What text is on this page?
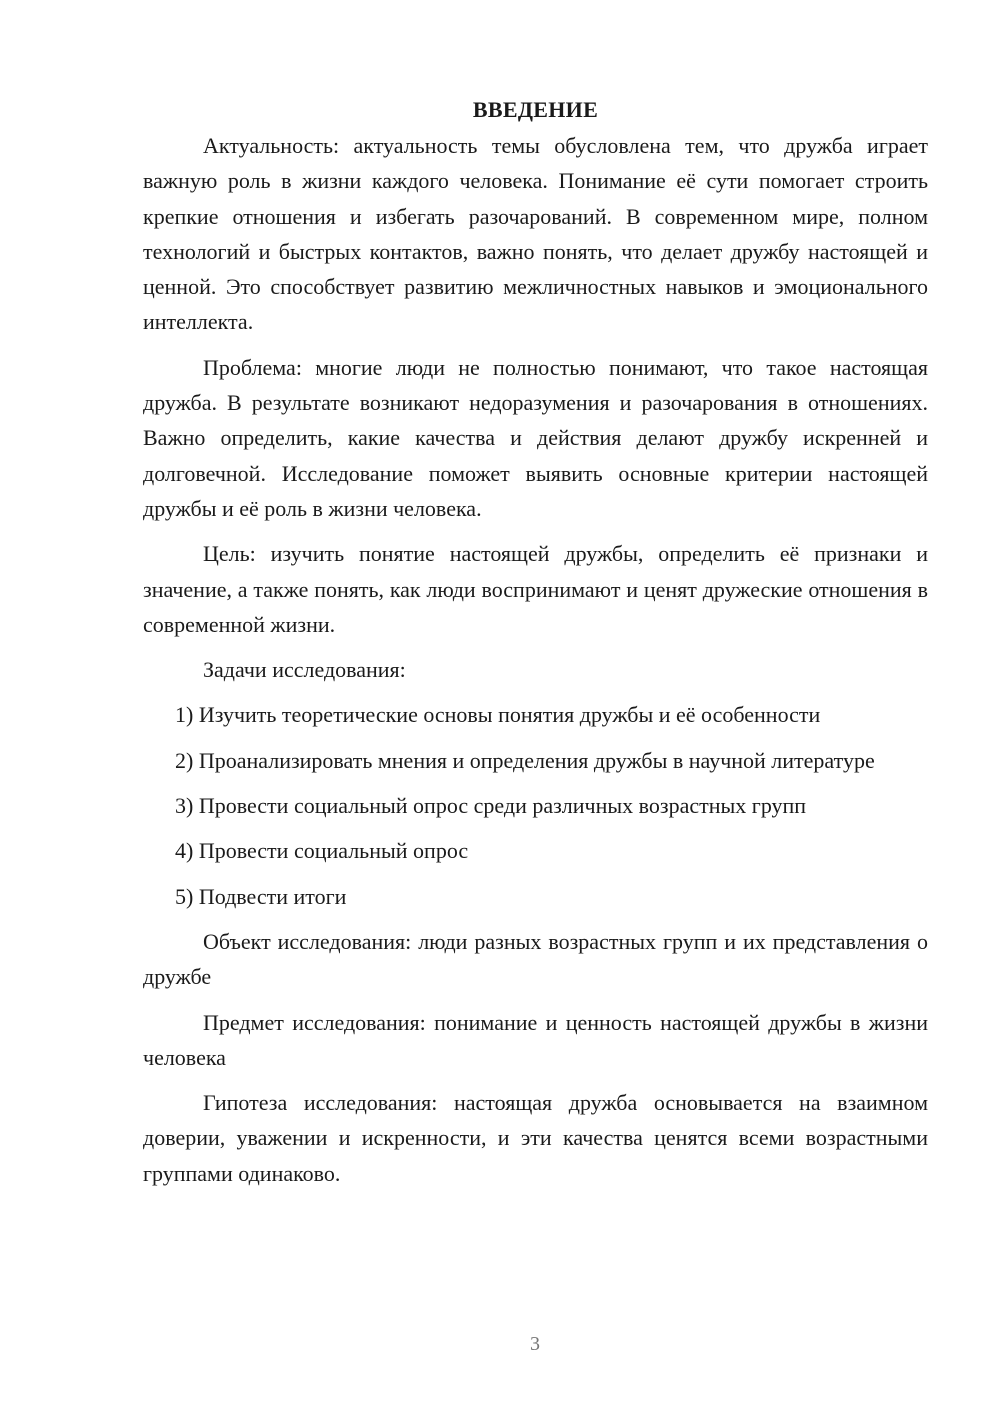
ВВЕДЕНИЕ

Актуальность: актуальность темы обусловлена тем, что дружба играет важную роль в жизни каждого человека. Понимание её сути помогает строить крепкие отношения и избегать разочарований. В современном мире, полном технологий и быстрых контактов, важно понять, что делает дружбу настоящей и ценной. Это способствует развитию межличностных навыков и эмоционального интеллекта.

Проблема: многие люди не полностью понимают, что такое настоящая дружба. В результате возникают недоразумения и разочарования в отношениях. Важно определить, какие качества и действия делают дружбу искренней и долговечной. Исследование поможет выявить основные критерии настоящей дружбы и её роль в жизни человека.

Цель: изучить понятие настоящей дружбы, определить её признаки и значение, а также понять, как люди воспринимают и ценят дружеские отношения в современной жизни.

Задачи исследования:

1) Изучить теоретические основы понятия дружбы и её особенности

2) Проанализировать мнения и определения дружбы в научной литературе

3) Провести социальный опрос среди различных возрастных групп

4) Провести социальный опрос

5) Подвести итоги

Объект исследования: люди разных возрастных групп и их представления о дружбе

Предмет исследования: понимание и ценность настоящей дружбы в жизни человека

Гипотеза исследования: настоящая дружба основывается на взаимном доверии, уважении и искренности, и эти качества ценятся всеми возрастными группами одинаково.

3
